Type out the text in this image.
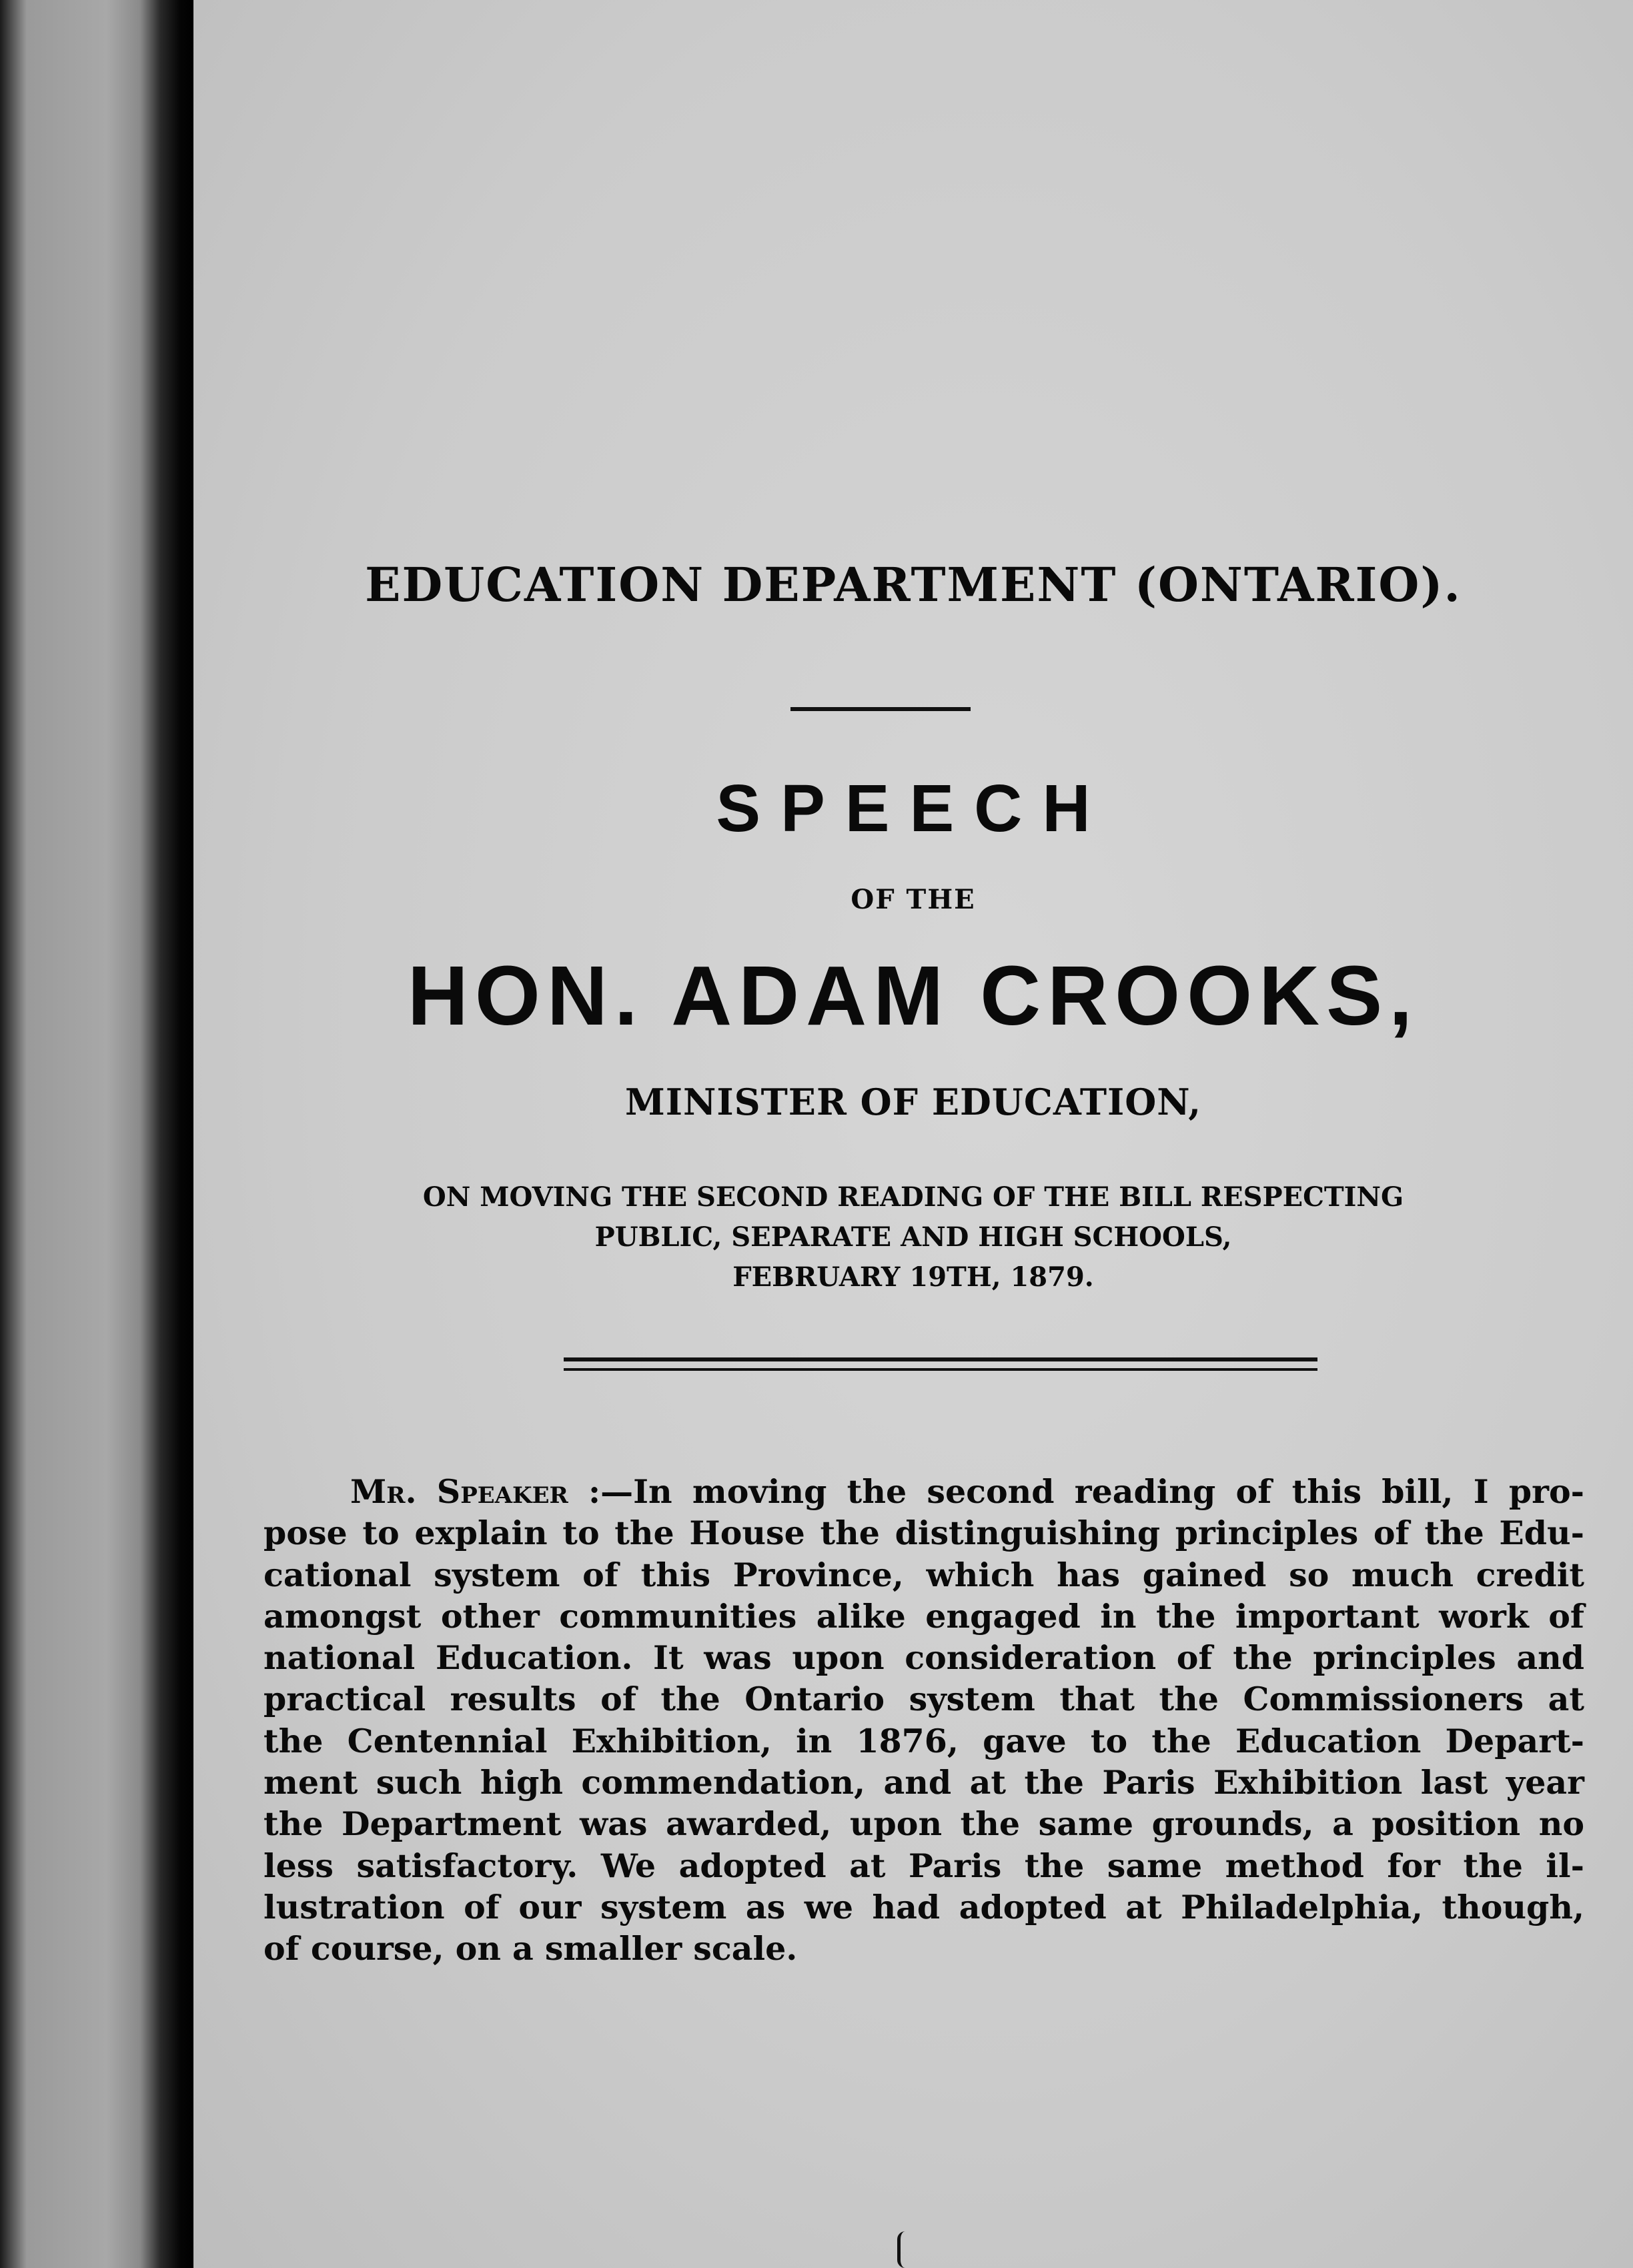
EDUCATION DEPARTMENT (ONTARIO).
SPEECH
OF THE
HON. ADAM CROOKS,
MINISTER OF EDUCATION,
ON MOVING THE SECOND READING OF THE BILL RESPECTING
PUBLIC, SEPARATE AND HIGH SCHOOLS,
FEBRUARY 19TH, 1879.
Mr. Speaker :—In moving the second reading of this bill, I pro-
pose to explain to the House the distinguishing principles of the Edu-
cational system of this Province, which has gained so much credit
amongst other communities alike engaged in the important work of
national Education. It was upon consideration of the principles and
practical results of the Ontario system that the Commissioners at
the Centennial Exhibition, in 1876, gave to the Education Depart-
ment such high commendation, and at the Paris Exhibition last year
the Department was awarded, upon the same grounds, a position no
less satisfactory. We adopted at Paris the same method for the il-
lustration of our system as we had adopted at Philadelphia, though,
of course, on a smaller scale.
